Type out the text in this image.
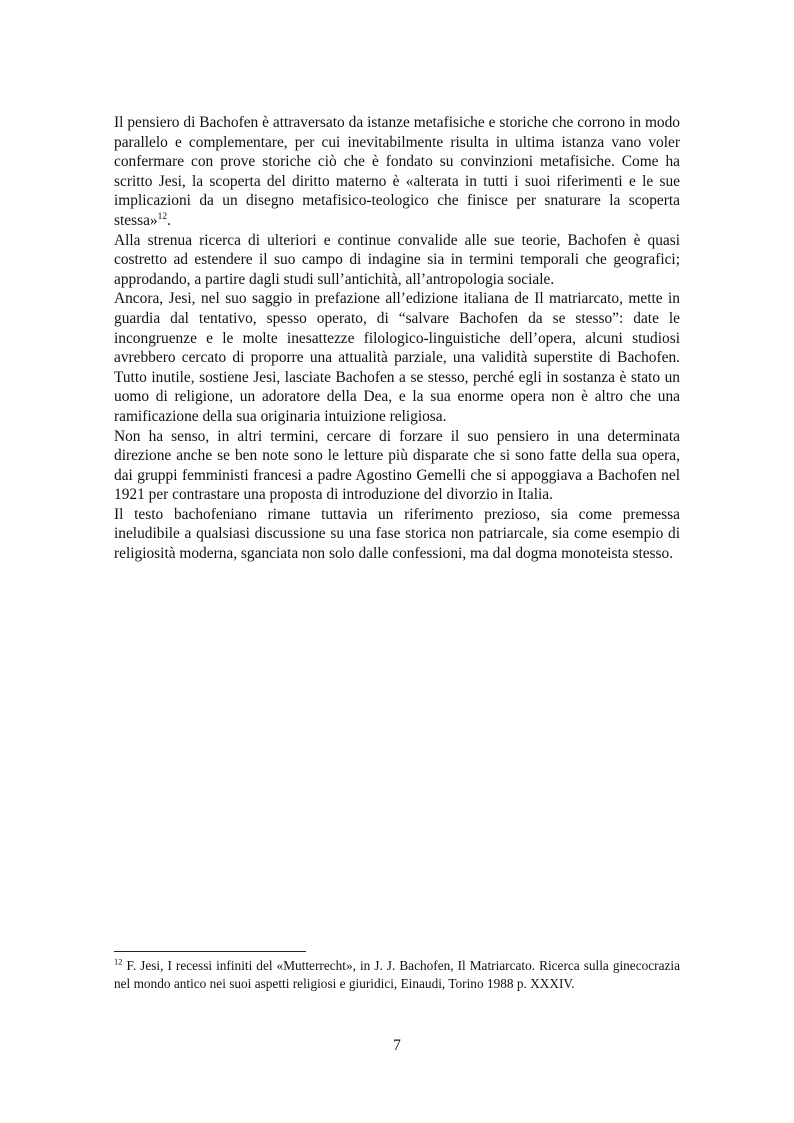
Il pensiero di Bachofen è attraversato da istanze metafisiche e storiche che corrono in modo parallelo e complementare, per cui inevitabilmente risulta in ultima istanza vano voler confermare con prove storiche ciò che è fondato su convinzioni metafisiche. Come ha scritto Jesi, la scoperta del diritto materno è «alterata in tutti i suoi riferimenti e le sue implicazioni da un disegno metafisico-teologico che finisce per snaturare la scoperta stessa»$^{12}$.

Alla strenua ricerca di ulteriori e continue convalide alle sue teorie, Bachofen è quasi costretto ad estendere il suo campo di indagine sia in termini temporali che geografici; approdando, a partire dagli studi sull’antichità, all’antropologia sociale.

Ancora, Jesi, nel suo saggio in prefazione all’edizione italiana de Il matriarcato, mette in guardia dal tentativo, spesso operato, di “salvare Bachofen da se stesso”: date le incongruenze e le molte inesattezze filologico-linguistiche dell’opera, alcuni studiosi avrebbero cercato di proporre una attualità parziale, una validità superstite di Bachofen. Tutto inutile, sostiene Jesi, lasciate Bachofen a se stesso, perché egli in sostanza è stato un uomo di religione, un adoratore della Dea, e la sua enorme opera non è altro che una ramificazione della sua originaria intuizione religiosa.

Non ha senso, in altri termini, cercare di forzare il suo pensiero in una determinata direzione anche se ben note sono le letture più disparate che si sono fatte della sua opera, dai gruppi femministi francesi a padre Agostino Gemelli che si appoggiava a Bachofen nel 1921 per contrastare una proposta di introduzione del divorzio in Italia.

Il testo bachofeniano rimane tuttavia un riferimento prezioso, sia come premessa ineludibile a qualsiasi discussione su una fase storica non patriarcale, sia come esempio di religiosità moderna, sganciata non solo dalle confessioni, ma dal dogma monoteista stesso.

$^{12}$ F. Jesi, I recessi infiniti del «Mutterrecht», in J. J. Bachofen, Il Matriarcato. Ricerca sulla ginecocrazia nel mondo antico nei suoi aspetti religiosi e giuridici, Einaudi, Torino 1988 p. XXXIV.
7
